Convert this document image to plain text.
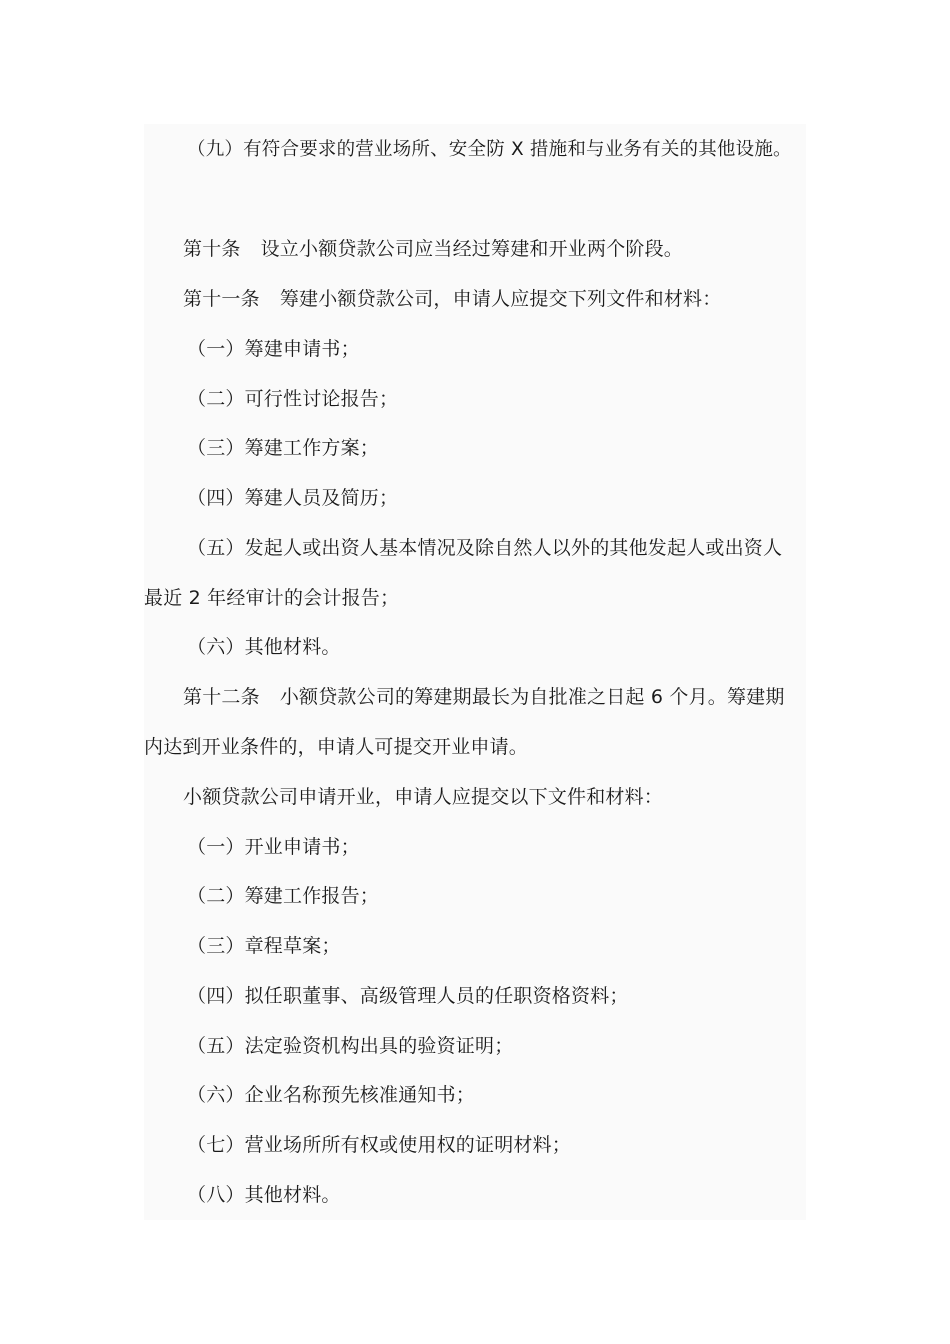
（九）有符合要求的营业场所、安全防 X 措施和与业务有关的其他设施。
第十条 设立小额贷款公司应当经过筹建和开业两个阶段。
第十一条 筹建小额贷款公司，申请人应提交下列文件和材料：
（一）筹建申请书；
（二）可行性讨论报告；
（三）筹建工作方案；
（四）筹建人员及简历；
（五）发起人或出资人基本情况及除自然人以外的其他发起人或出资人
最近 2 年经审计的会计报告；
（六）其他材料。
第十二条 小额贷款公司的筹建期最长为自批准之日起 6 个月。筹建期
内达到开业条件的，申请人可提交开业申请。
小额贷款公司申请开业，申请人应提交以下文件和材料：
（一）开业申请书；
（二）筹建工作报告；
（三）章程草案；
（四）拟任职董事、高级管理人员的任职资格资料；
（五）法定验资机构出具的验资证明；
（六）企业名称预先核准通知书；
（七）营业场所所有权或使用权的证明材料；
（八）其他材料。
